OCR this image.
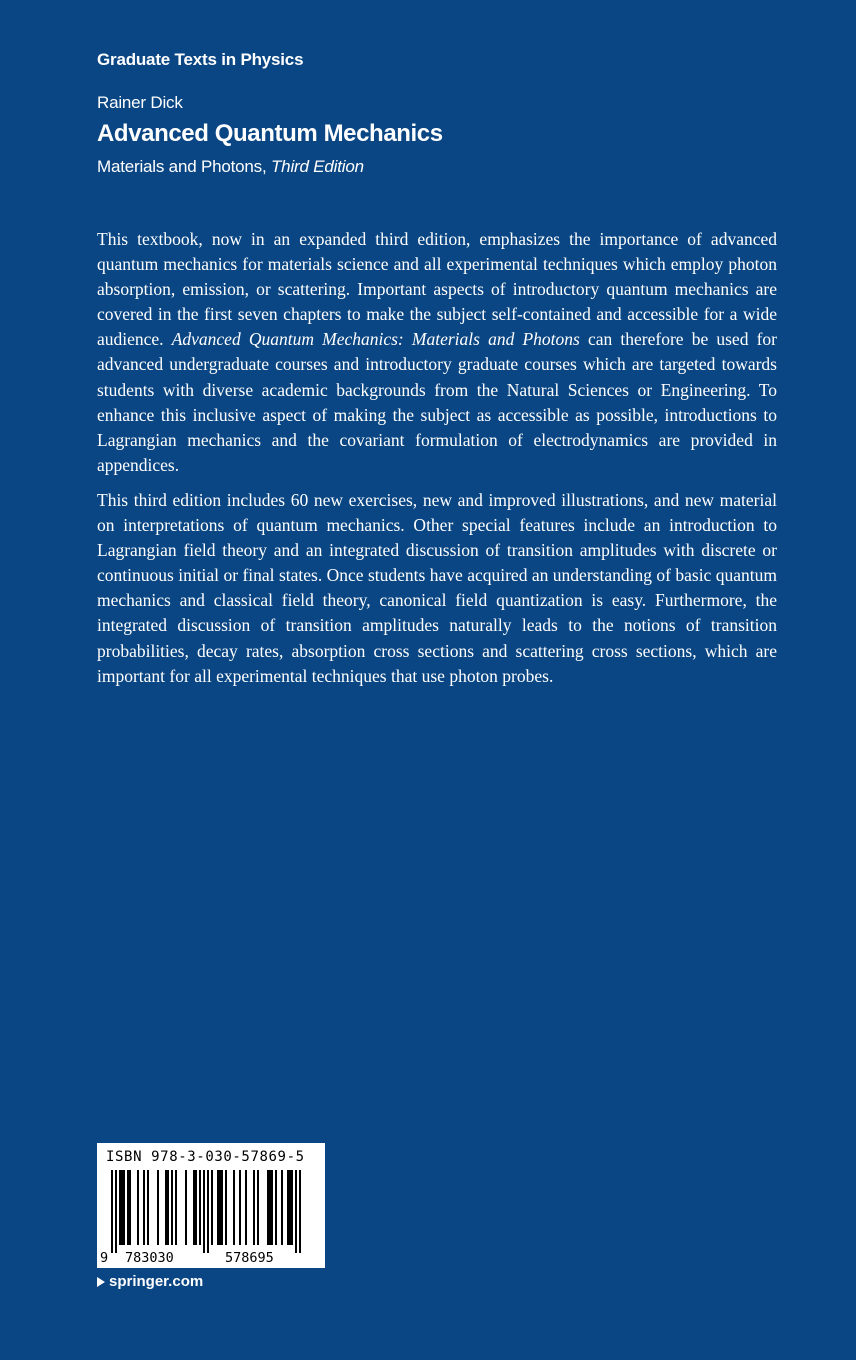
Graduate Texts in Physics
Rainer Dick
Advanced Quantum Mechanics
Materials and Photons, Third Edition

This textbook, now in an expanded third edition, emphasizes the importance of advanced quantum mechanics for materials science and all experimental techniques which employ photon absorption, emission, or scattering. Important aspects of introductory quantum mechanics are covered in the first seven chapters to make the subject self-contained and accessible for a wide audience. Advanced Quantum Mechanics: Materials and Photons can therefore be used for advanced undergraduate courses and introductory graduate courses which are targeted towards students with diverse academic backgrounds from the Natural Sciences or Engineering. To enhance this inclusive aspect of making the subject as accessible as possible, introductions to Lagrangian mechanics and the covariant formulation of electrodynamics are provided in appendices.

This third edition includes 60 new exercises, new and improved illustrations, and new material on interpretations of quantum mechanics. Other special features include an introduction to Lagrangian field theory and an integrated discussion of transition amplitudes with discrete or continuous initial or final states. Once students have acquired an understanding of basic quantum mechanics and classical field theory, canonical field quantization is easy. Furthermore, the integrated discussion of transition amplitudes naturally leads to the notions of transition probabilities, decay rates, absorption cross sections and scattering cross sections, which are important for all experimental techniques that use photon probes.

ISBN 978-3-030-57869-5
9 783030	578695
springer.com
